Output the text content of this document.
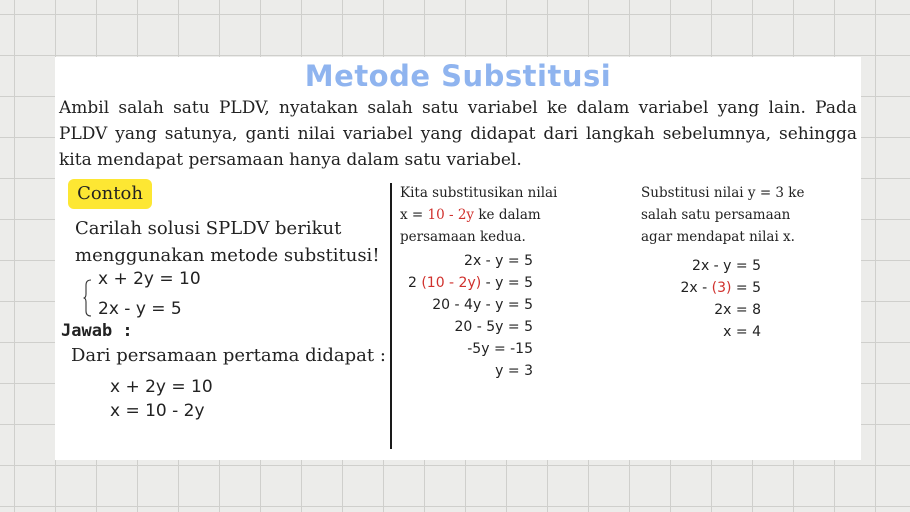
Metode Substitusi
Ambil salah satu PLDV, nyatakan salah satu variabel ke dalam variabel yang lain. Pada PLDV yang satunya, ganti nilai variabel yang didapat dari langkah sebelumnya, sehingga kita mendapat persamaan hanya dalam satu variabel.
Contoh
Carilah solusi SPLDV berikut menggunakan metode substitusi!
x + 2y = 10
2x - y = 5
Jawab :
Dari persamaan pertama didapat :
x + 2y = 10
x = 10 - 2y
Kita substitusikan nilai
x = 10 - 2y ke dalam
persamaan kedua.
2x - y = 5
2 (10 - 2y) - y = 5
20 - 4y - y = 5
20 - 5y = 5
-5y = -15
y = 3
Substitusi nilai y = 3 ke
salah satu persamaan
agar mendapat nilai x.
2x - y = 5
2x - (3) = 5
2x = 8
x = 4
